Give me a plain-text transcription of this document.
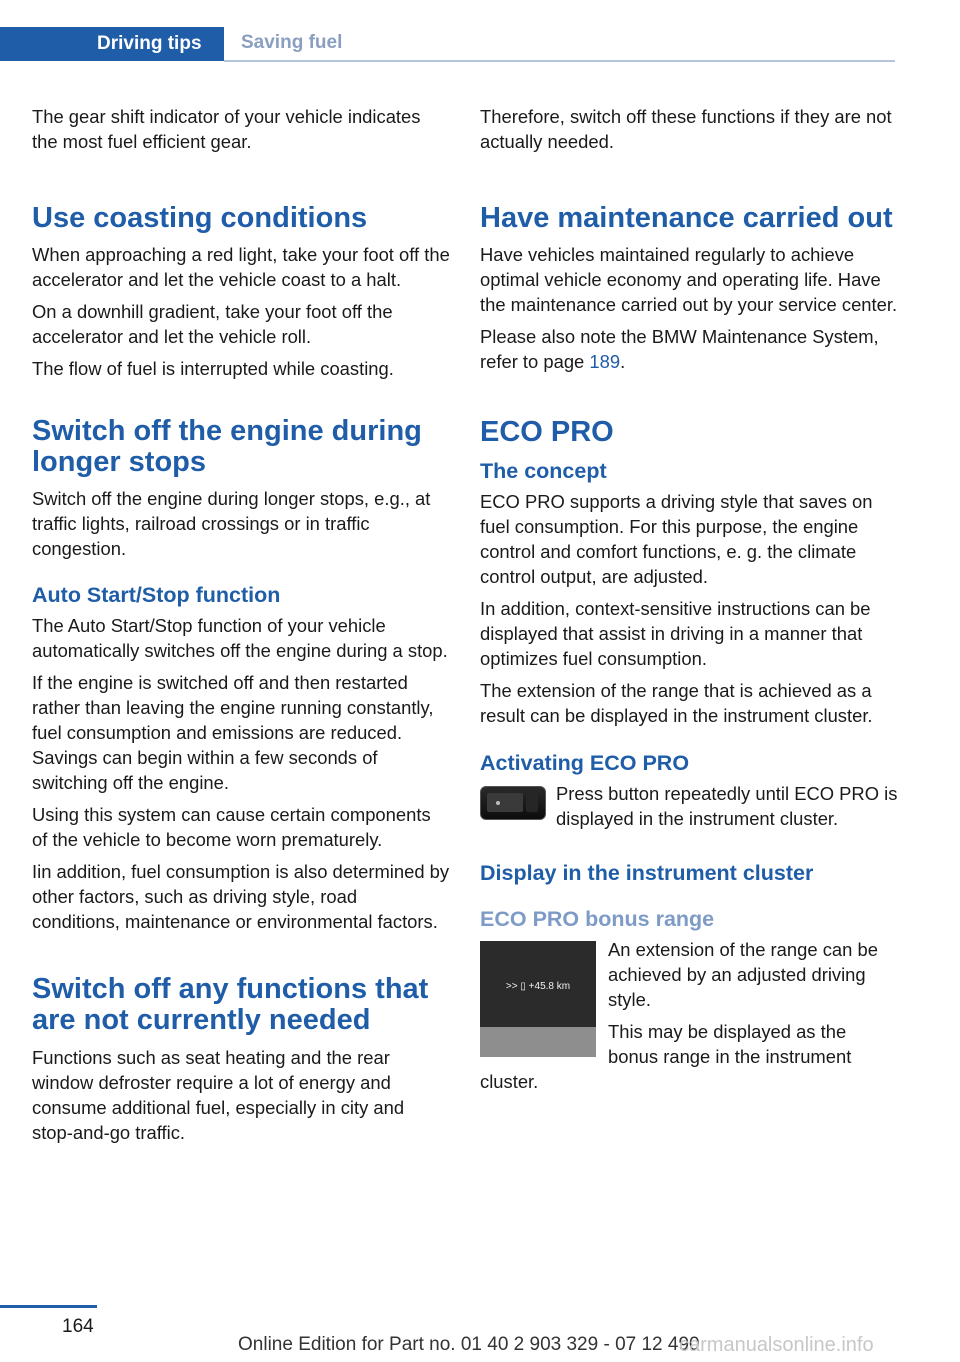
Driving tips Saving fuel

The gear shift indicator of your vehicle indicates the most fuel efficient gear.

Use coasting conditions

When approaching a red light, take your foot off the accelerator and let the vehicle coast to a halt.

On a downhill gradient, take your foot off the accelerator and let the vehicle roll.

The flow of fuel is interrupted while coasting.

Switch off the engine during longer stops

Switch off the engine during longer stops, e.g., at traffic lights, railroad crossings or in traffic congestion.

Auto Start/Stop function

The Auto Start/Stop function of your vehicle automatically switches off the engine during a stop.

If the engine is switched off and then restarted rather than leaving the engine running constantly, fuel consumption and emissions are reduced. Savings can begin within a few seconds of switching off the engine.

Using this system can cause certain components of the vehicle to become worn prematurely.

Iin addition, fuel consumption is also determined by other factors, such as driving style, road conditions, maintenance or environmental factors.

Switch off any functions that are not currently needed

Functions such as seat heating and the rear window defroster require a lot of energy and consume additional fuel, especially in city and stop-and-go traffic.

Therefore, switch off these functions if they are not actually needed.

Have maintenance carried out

Have vehicles maintained regularly to achieve optimal vehicle economy and operating life. Have the maintenance carried out by your service center.

Please also note the BMW Maintenance System, refer to page 189.

ECO PRO
The concept

ECO PRO supports a driving style that saves on fuel consumption. For this purpose, the engine control and comfort functions, e. g. the climate control output, are adjusted.

In addition, context-sensitive instructions can be displayed that assist in driving in a manner that optimizes fuel consumption.

The extension of the range that is achieved as a result can be displayed in the instrument cluster.

Activating ECO PRO

Press button repeatedly until ECO PRO is displayed in the instrument cluster.

Display in the instrument cluster
ECO PRO bonus range
>> ▯ +45.8 km

An extension of the range can be achieved by an adjusted driving style.

This may be displayed as the bonus range in the instrument cluster.

164
Online Edition for Part no. 01 40 2 903 329 - 07 12 490
carmanualsonline.info
